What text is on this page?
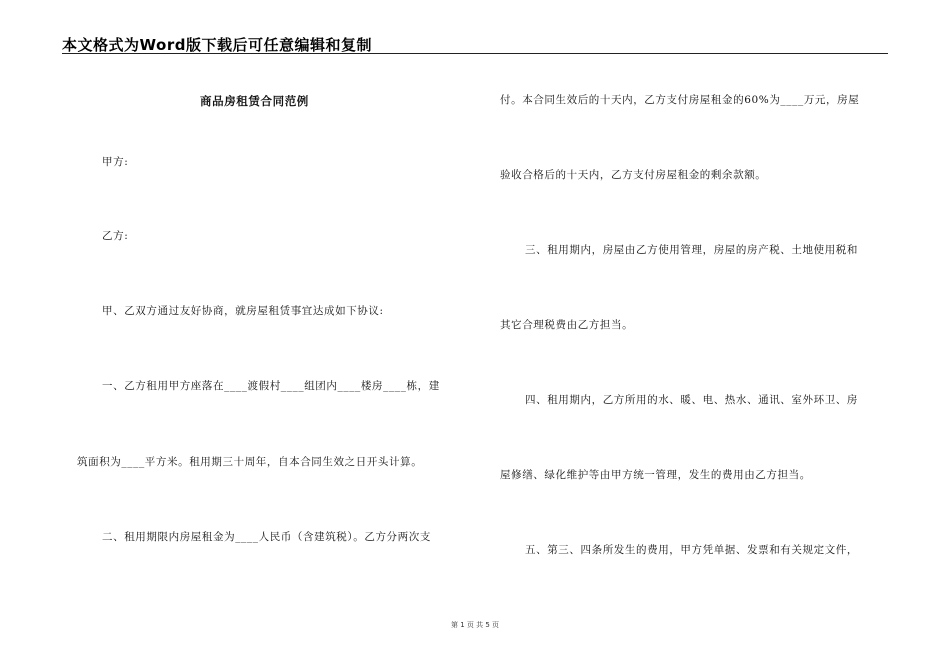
本文格式为Word版下载后可任意编辑和复制
商品房租赁合同范例
甲方:
乙方:
甲、乙双方通过友好协商，就房屋租赁事宜达成如下协议:
一、乙方租用甲方座落在____渡假村____组团内____楼房____栋，建
筑面积为____平方米。租用期三十周年，自本合同生效之日开头计算。
二、租用期限内房屋租金为____人民币（含建筑税）。乙方分两次支
付。本合同生效后的十天内，乙方支付房屋租金的60%为____万元，房屋
验收合格后的十天内，乙方支付房屋租金的剩余款额。
三、租用期内，房屋由乙方使用管理，房屋的房产税、土地使用税和
其它合理税费由乙方担当。
四、租用期内，乙方所用的水、暖、电、热水、通讯、室外环卫、房
屋修缮、绿化维护等由甲方统一管理，发生的费用由乙方担当。
五、第三、四条所发生的费用，甲方凭单据、发票和有关规定文件，
第 1 页 共 5 页
